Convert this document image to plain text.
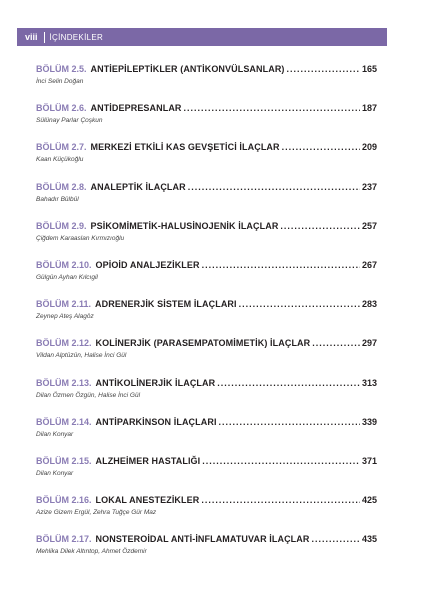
viii	İÇİNDEKİLER
BÖLÜM 2.5. ANTİEPİLEPTİKLER (ANTİKONVÜLSANLAR) .....	165
İnci Selin Doğan
BÖLÜM 2.6. ANTİDEPRESANLAR .....	187
Sülünay Parlar Çoşkun
BÖLÜM 2.7. MERKEZİ ETKİLİ KAS GEVŞETİCİ İLAÇLAR .....	209
Kaan Küçükoğlu
BÖLÜM 2.8. ANALEPTİK İLAÇLAR .....	237
Bahadır Bülbül
BÖLÜM 2.9. PSİKOMİMETİK-HALUSİNOJENİK İLAÇLAR .....	257
Çiğdem Karaaslan Kırmızıoğlu
BÖLÜM 2.10. OPİOİD ANALJEZİKLER .....	267
Gülgün Ayhan Kılcıgil
BÖLÜM 2.11. ADRENERJİK SİSTEM İLAÇLARI .....	283
Zeynep Ateş Alagöz
BÖLÜM 2.12. KOLİNERJİK (PARASEMPATOMİMETİK) İLAÇLAR .....	297
Vildan Alptüzün, Halise İnci Gül
BÖLÜM 2.13. ANTİKOLİNERJİK İLAÇLAR .....	313
Dilan Özmen Özgün, Halise İnci Gül
BÖLÜM 2.14. ANTİPARKİNSON İLAÇLARI .....	339
Dilan Konyar
BÖLÜM 2.15. ALZHEİMER HASTALIĞI .....	371
Dilan Konyar
BÖLÜM 2.16. LOKAL ANESTEZİKLER .....	425
Azize Gizem Ergül, Zehra Tuğçe Gür Maz
BÖLÜM 2.17. NONSTEROİDAL ANTİ-İNFLAMATUVAR İLAÇLAR .....	435
Mehlika Dilek Altıntop, Ahmet Özdemir
